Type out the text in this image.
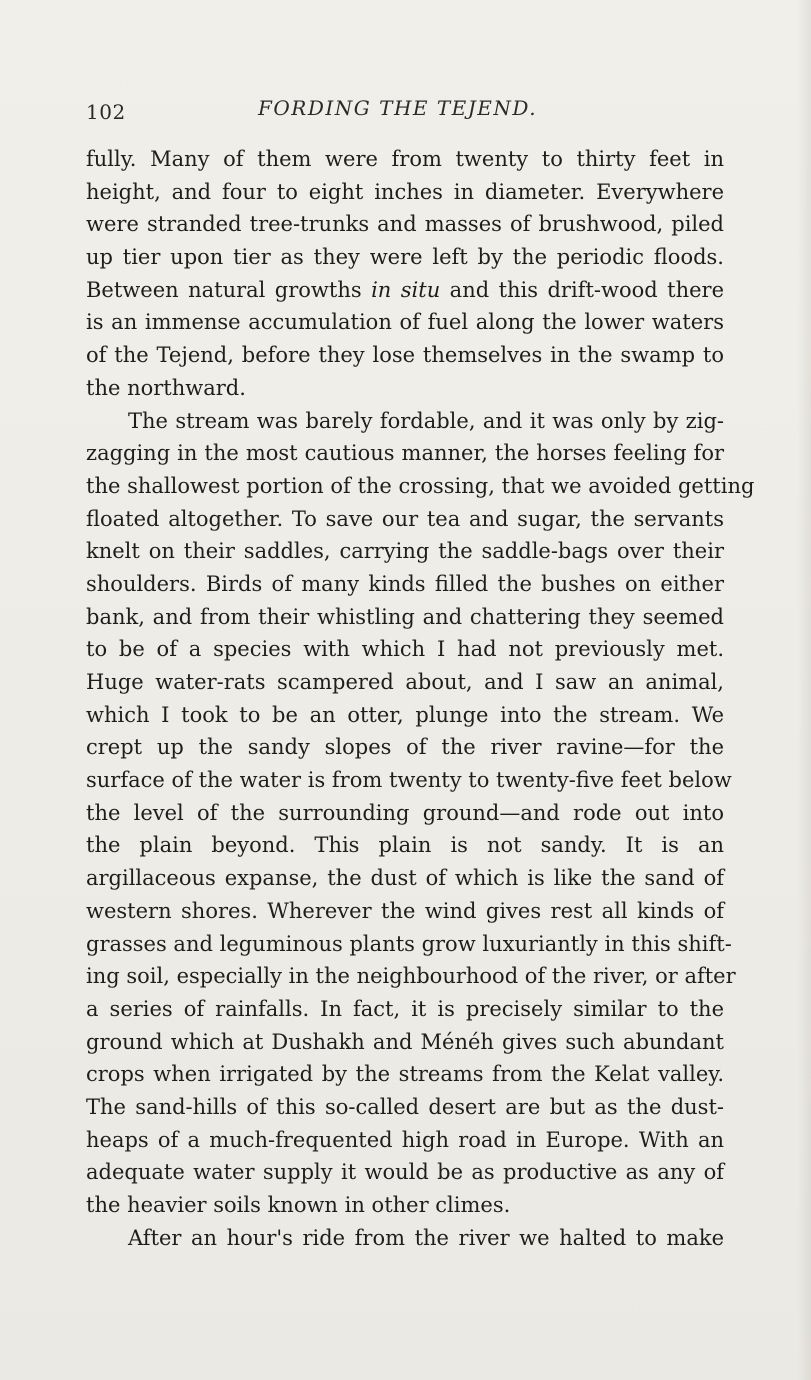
102	FORDING THE TEJEND.
fully. Many of them were from twenty to thirty feet in
height, and four to eight inches in diameter. Everywhere
were stranded tree-trunks and masses of brushwood, piled
up tier upon tier as they were left by the periodic floods.
Between natural growths in situ and this drift-wood there
is an immense accumulation of fuel along the lower waters
of the Tejend, before they lose themselves in the swamp to
the northward.
The stream was barely fordable, and it was only by zig-
zagging in the most cautious manner, the horses feeling for
the shallowest portion of the crossing, that we avoided getting
floated altogether. To save our tea and sugar, the servants
knelt on their saddles, carrying the saddle-bags over their
shoulders. Birds of many kinds filled the bushes on either
bank, and from their whistling and chattering they seemed
to be of a species with which I had not previously met.
Huge water-rats scampered about, and I saw an animal,
which I took to be an otter, plunge into the stream. We
crept up the sandy slopes of the river ravine—for the
surface of the water is from twenty to twenty-five feet below
the level of the surrounding ground—and rode out into
the plain beyond. This plain is not sandy. It is an
argillaceous expanse, the dust of which is like the sand of
western shores. Wherever the wind gives rest all kinds of
grasses and leguminous plants grow luxuriantly in this shift-
ing soil, especially in the neighbourhood of the river, or after
a series of rainfalls. In fact, it is precisely similar to the
ground which at Dushakh and Ménéh gives such abundant
crops when irrigated by the streams from the Kelat valley.
The sand-hills of this so-called desert are but as the dust-
heaps of a much-frequented high road in Europe. With an
adequate water supply it would be as productive as any of
the heavier soils known in other climes.
After an hour's ride from the river we halted to make
